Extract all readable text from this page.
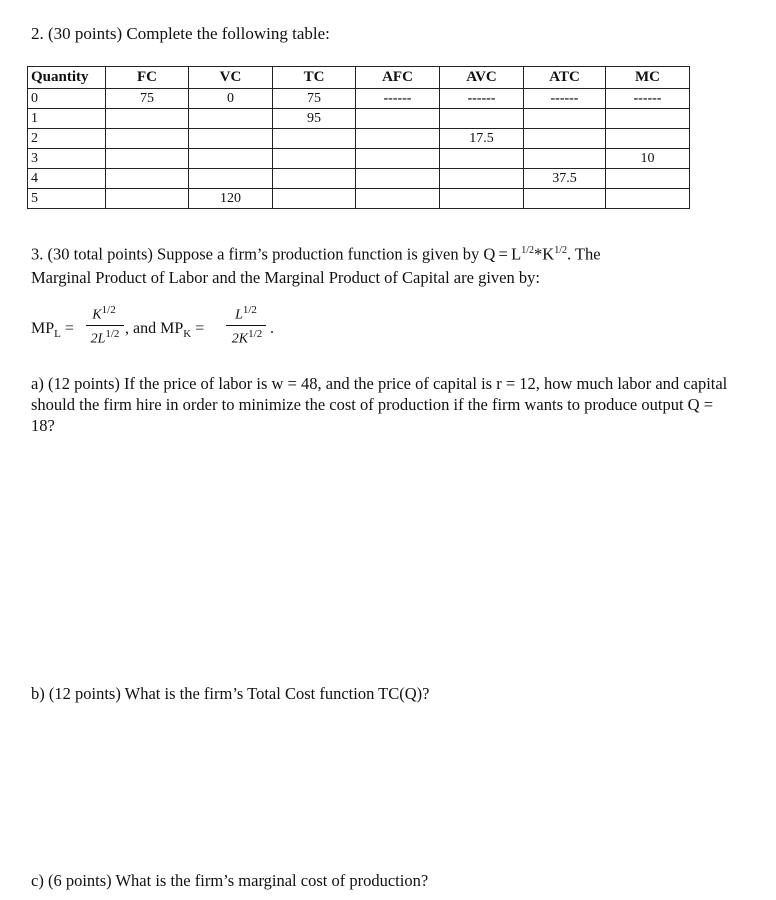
2. (30 points) Complete the following table:
Quantity	FC	VC	TC	AFC	AVC	ATC	MC
0	75	0	75	------	------	------	------
1			95				
2					17.5		
3							10
4						37.5	
5		120					
3. (30 total points) Suppose a firm’s production function is given by $Q = L^{1/2}*K^{1/2}$. The
Marginal Product of Labor and the Marginal Product of Capital are given by:
$MP_L$ =
$K^{1/2}$
$2L^{1/2}$ , and $MP_K$ =
$L^{1/2}$
$2K^{1/2}$ .
a) (12 points) If the price of labor is w = 48, and the price of capital is r = 12, how much labor and capital should the firm hire in order to minimize the cost of production if the firm wants to produce output Q = 18?
b) (12 points) What is the firm’s Total Cost function TC(Q)?
c) (6 points) What is the firm’s marginal cost of production?
